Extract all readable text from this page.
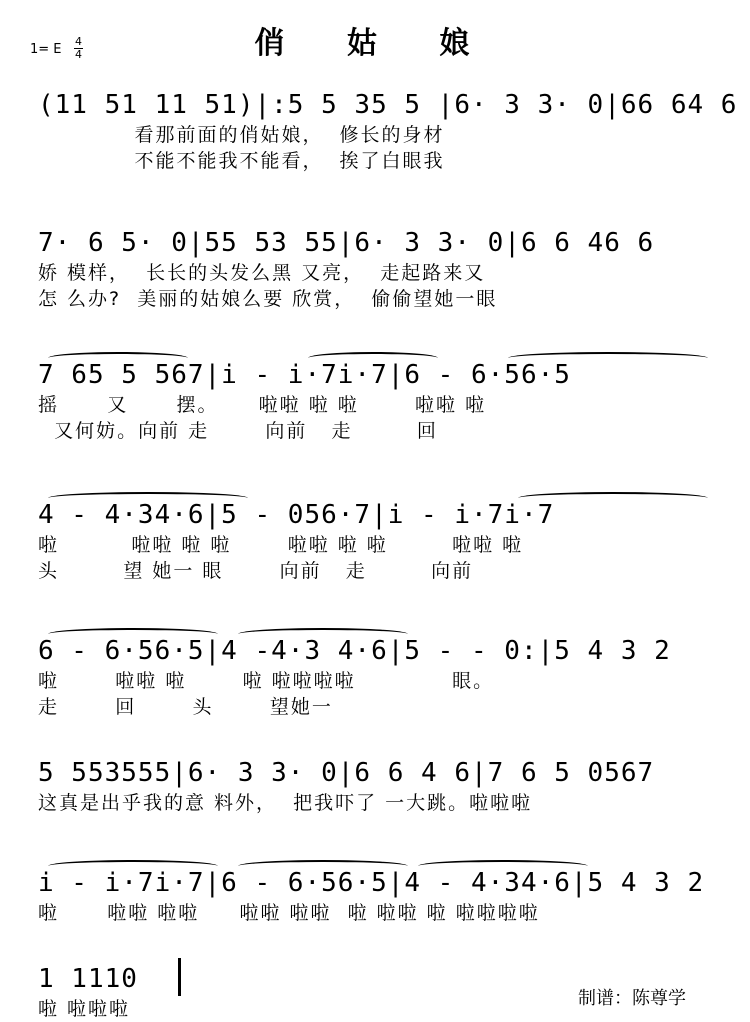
1= E
4
4	俏 姑 娘
(11 51 11 51)|:5 5 35 5 |6· 3 3· 0|66 64 6
看那前面的俏姑娘，  修长的身材
不能不能我不能看，  挨了白眼我
7· 6 5· 0|55 53 55|6· 3 3· 0|6 6 46 6
娇 模样，  长长的头发么黑 又亮，  走起路来又
怎 么办?  美丽的姑娘么要 欣赏，  偷偷望她一眼
7 65 5 567|i - i·7i·7|6 - 6·56·5
摇      又      摆。     啦啦 啦 啦       啦啦 啦
又何妨。向前 走       向前   走        回
4 - 4·34·6|5 - 056·7|i - i·7i·7
啦         啦啦 啦 啦       啦啦 啦 啦        啦啦 啦
头        望 她一 眼       向前   走        向前
6 - 6·56·5|4 -4·3 4·6|5 - - 0:|5 4 3 2
啦       啦啦 啦       啦 啦啦啦啦            眼。
走       回       头       望她一
5 553555|6· 3 3· 0|6 6 4 6|7 6 5 0567
这真是出乎我的意 料外，  把我吓了 一大跳。啦啦啦
i - i·7i·7|6 - 6·56·5|4 - 4·34·6|5 4 3 2
啦      啦啦 啦啦     啦啦 啦啦  啦 啦啦 啦 啦啦啦啦
1 1110
啦 啦啦啦	制谱：陈尊学
